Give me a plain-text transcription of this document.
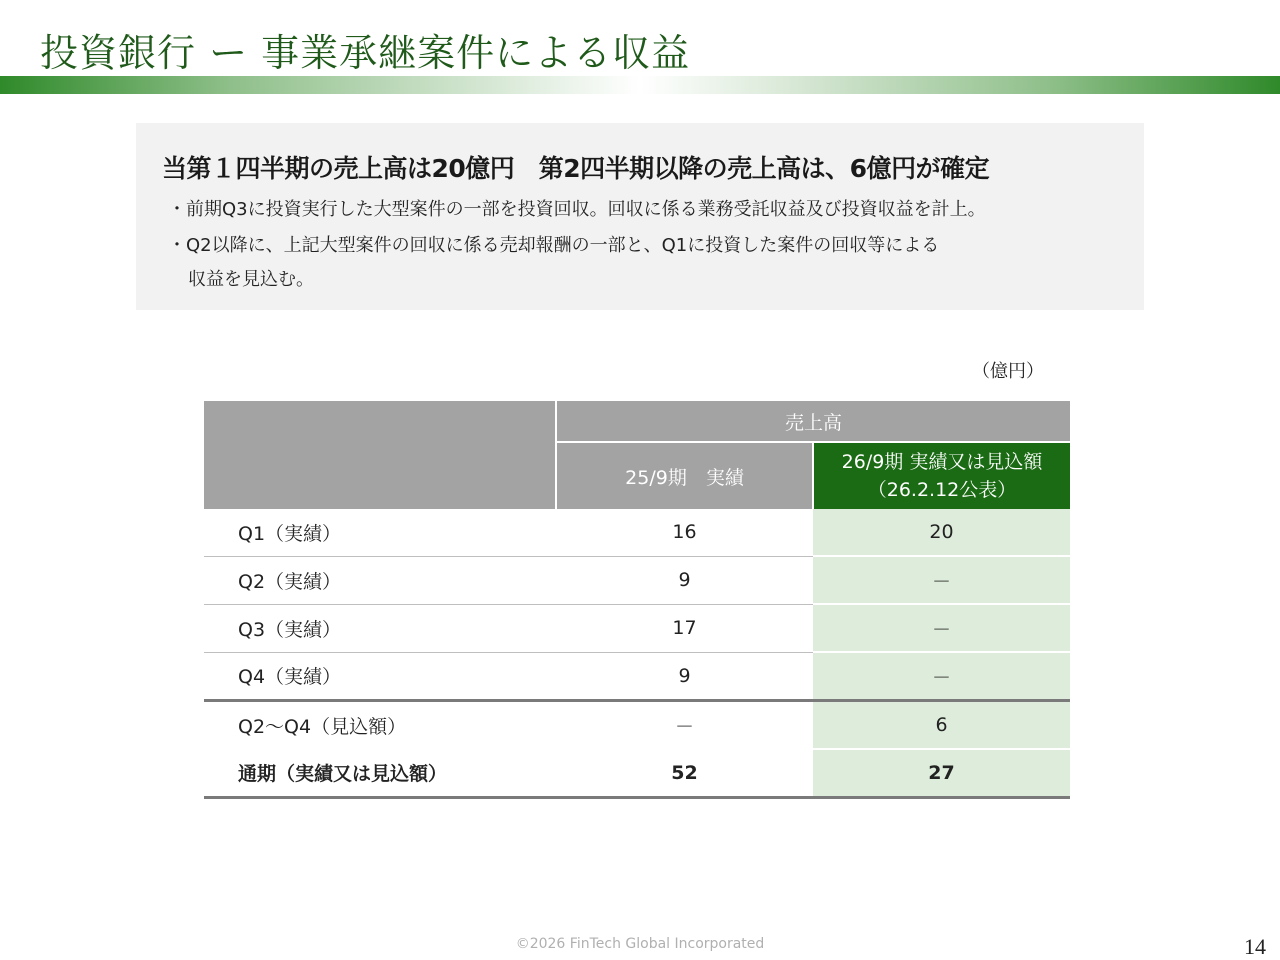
投資銀行 ー 事業承継案件による収益
当第１四半期の売上高は20億円　第2四半期以降の売上高は、6億円が確定
・前期Q3に投資実行した大型案件の一部を投資回収。回収に係る業務受託収益及び投資収益を計上。
・Q2以降に、上記大型案件の回収に係る売却報酬の一部と、Q1に投資した案件の回収等による
収益を見込む。
（億円）
	売上高	
	25/9期　実績	26/9期 実績又は見込額
（26.2.12公表）

Q1（実績）	16	20
Q2（実績）	9	－
Q3（実績）	17	－
Q4（実績）	9	－
Q2～Q4（見込額）	－	6
通期（実績又は見込額）	52	27
©2026 FinTech Global Incorporated	14
